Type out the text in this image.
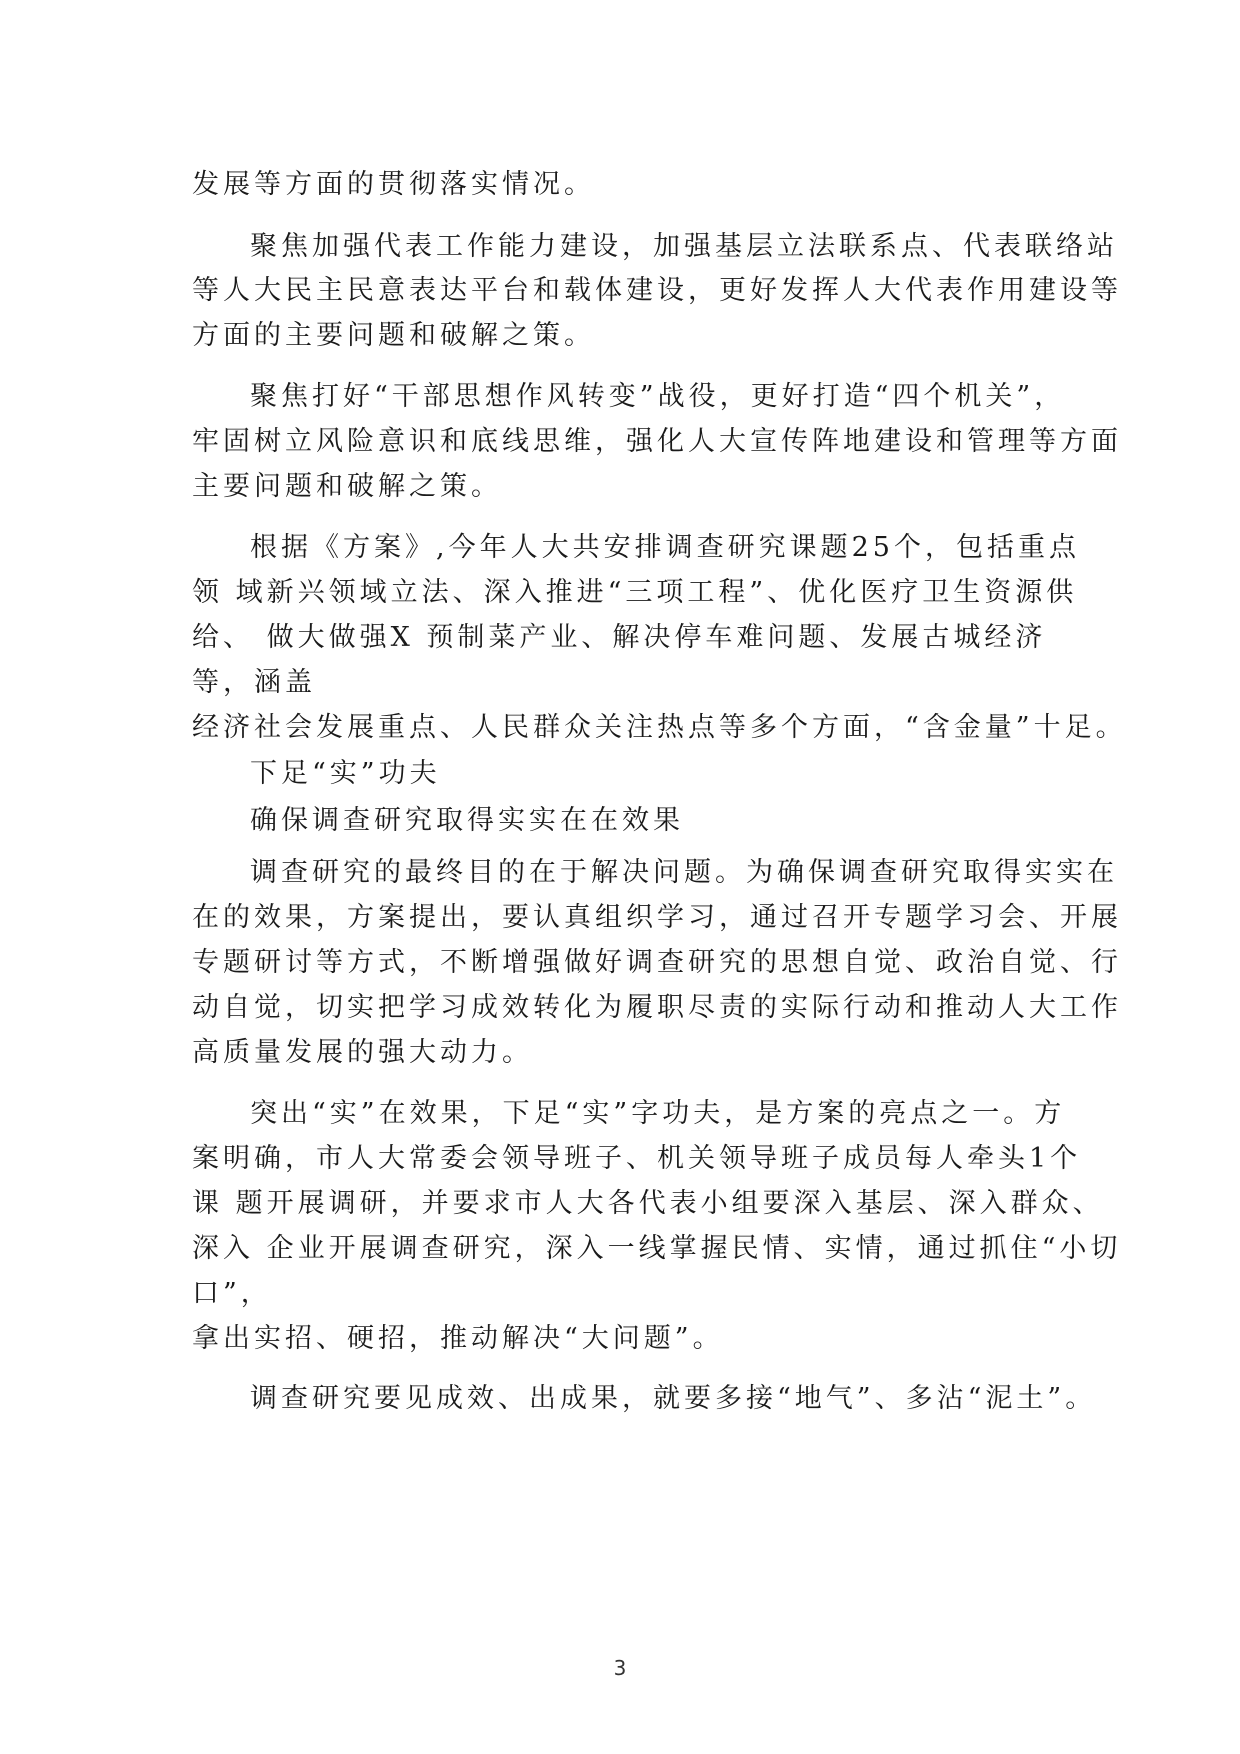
发展等方面的贯彻落实情况。
聚焦加强代表工作能力建设，加强基层立法联系点、代表联络站
等人大民主民意表达平台和载体建设，更好发挥人大代表作用建设等
方面的主要问题和破解之策。
聚焦打好“干部思想作风转变”战役，更好打造“四个机关”，
牢固树立风险意识和底线思维，强化人大宣传阵地建设和管理等方面
主要问题和破解之策。
根据《方案》,今年人大共安排调查研究课题25个，包括重点
领 域新兴领域立法、深入推进“三项工程”、优化医疗卫生资源供
给、 做大做强X 预制菜产业、解决停车难问题、发展古城经济
等，涵盖
经济社会发展重点、人民群众关注热点等多个方面，“含金量”十足。
下足“实”功夫
确保调查研究取得实实在在效果
调查研究的最终目的在于解决问题。为确保调查研究取得实实在
在的效果，方案提出，要认真组织学习，通过召开专题学习会、开展
专题研讨等方式，不断增强做好调查研究的思想自觉、政治自觉、行
动自觉，切实把学习成效转化为履职尽责的实际行动和推动人大工作
高质量发展的强大动力。
突出“实”在效果，下足“实”字功夫，是方案的亮点之一。方
案明确，市人大常委会领导班子、机关领导班子成员每人牵头1个
课 题开展调研，并要求市人大各代表小组要深入基层、深入群众、
深入 企业开展调查研究，深入一线掌握民情、实情，通过抓住“小切
口”，
拿出实招、硬招，推动解决“大问题”。
调查研究要见成效、出成果，就要多接“地气”、多沾“泥土”。
3
